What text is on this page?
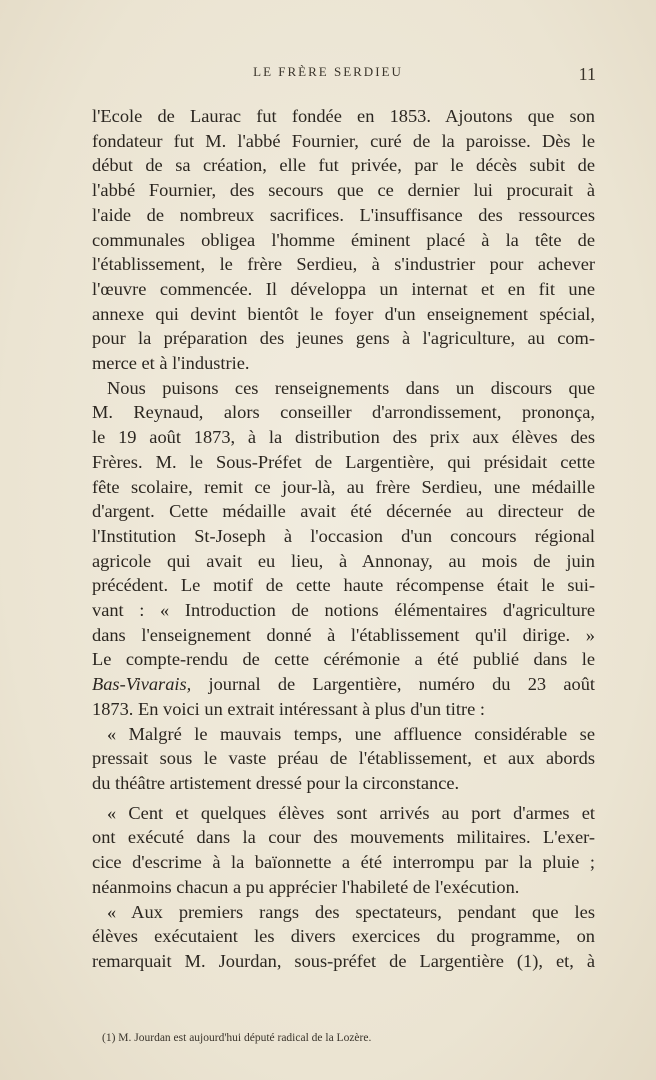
LE FRÈRE SERDIEU	11
l'Ecole de Laurac fut fondée en 1853. Ajoutons que son
fondateur fut M. l'abbé Fournier, curé de la paroisse. Dès le
début de sa création, elle fut privée, par le décès subit de
l'abbé Fournier, des secours que ce dernier lui procurait à
l'aide de nombreux sacrifices. L'insuffisance des ressources
communales obligea l'homme éminent placé à la tête de
l'établissement, le frère Serdieu, à s'industrier pour achever
l'œuvre commencée. Il développa un internat et en fit une
annexe qui devint bientôt le foyer d'un enseignement spécial,
pour la préparation des jeunes gens à l'agriculture, au com-
merce et à l'industrie.
Nous puisons ces renseignements dans un discours que
M. Reynaud, alors conseiller d'arrondissement, prononça,
le 19 août 1873, à la distribution des prix aux élèves des
Frères. M. le Sous-Préfet de Largentière, qui présidait cette
fête scolaire, remit ce jour-là, au frère Serdieu, une médaille
d'argent. Cette médaille avait été décernée au directeur de
l'Institution St-Joseph à l'occasion d'un concours régional
agricole qui avait eu lieu, à Annonay, au mois de juin
précédent. Le motif de cette haute récompense était le sui-
vant : « Introduction de notions élémentaires d'agriculture
dans l'enseignement donné à l'établissement qu'il dirige. »
Le compte-rendu de cette cérémonie a été publié dans le
Bas-Vivarais, journal de Largentière, numéro du 23 août
1873. En voici un extrait intéressant à plus d'un titre :
« Malgré le mauvais temps, une affluence considérable se
pressait sous le vaste préau de l'établissement, et aux abords
du théâtre artistement dressé pour la circonstance.
« Cent et quelques élèves sont arrivés au port d'armes et
ont exécuté dans la cour des mouvements militaires. L'exer-
cice d'escrime à la baïonnette a été interrompu par la pluie ;
néanmoins chacun a pu apprécier l'habileté de l'exécution.
« Aux premiers rangs des spectateurs, pendant que les
élèves exécutaient les divers exercices du programme, on
remarquait M. Jourdan, sous-préfet de Largentière (1), et, à
(1) M. Jourdan est aujourd'hui député radical de la Lozère.
